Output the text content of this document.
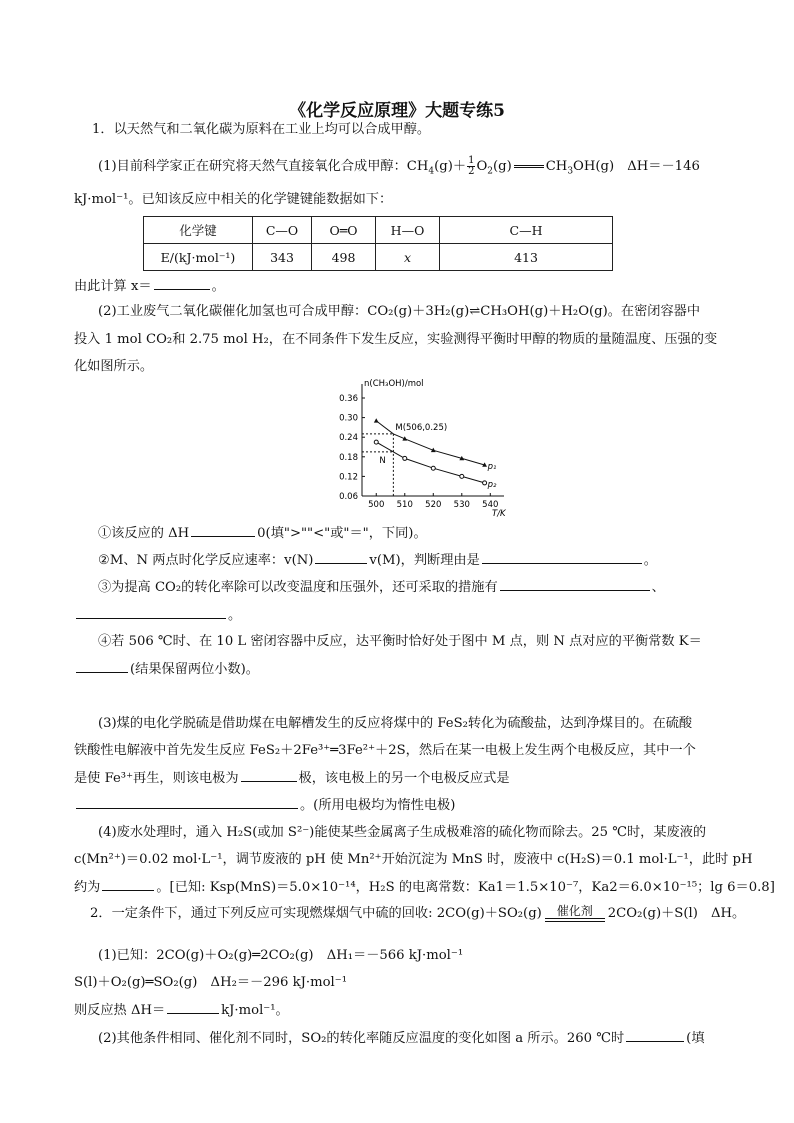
《化学反应原理》大题专练5
1．以天然气和二氧化碳为原料在工业上均可以合成甲醇。
(1)目前科学家正在研究将天然气直接氧化合成甲醇：$CH_4(g)+ \frac{1}{2} O_2(g)$	$CH_3OH(g)$　ΔH＝－146
kJ·mol⁻¹。已知该反应中相关的化学键键能数据如下：
化学键	C—O	O═O	H—O	C—H
E/(kJ·mol⁻¹)	343	498	x	413
由此计算 x＝	。
(2)工业废气二氧化碳催化加氢也可合成甲醇：CO₂(g)＋3H₂(g)⇌CH₃OH(g)＋H₂O(g)。在密闭容器中
投入 1 mol CO₂和 2.75 mol H₂，在不同条件下发生反应，实验测得平衡时甲醇的物质的量随温度、压强的变
化如图所示。
n(CH₃OH)/mol
T/K
0.06
0.12
0.18
0.24
0.30
0.36
500 510 520 530 540
p₁
p₂
M(506,0.25)
N
①该反应的 ΔH	0(填">""<"或"＝"，下同)。
②M、N 两点时化学反应速率：v(N)	v(M)，判断理由是	。
③为提高 CO₂的转化率除可以改变温度和压强外，还可采取的措施有	、
。
④若 506 ℃时、在 10 L 密闭容器中反应，达平衡时恰好处于图中 M 点，则 N 点对应的平衡常数 K＝
(结果保留两位小数)。
(3)煤的电化学脱硫是借助煤在电解槽发生的反应将煤中的 FeS₂转化为硫酸盐，达到净煤目的。在硫酸
铁酸性电解液中首先发生反应 FeS₂＋2Fe³⁺═3Fe²⁺＋2S，然后在某一电极上发生两个电极反应，其中一个
是使 Fe³⁺再生，则该电极为	极，该电极上的另一个电极反应式是
。(所用电极均为惰性电极)
(4)废水处理时，通入 H₂S(或加 S²⁻)能使某些金属离子生成极难溶的硫化物而除去。25 ℃时，某废液的
c(Mn²⁺)＝0.02 mol·L⁻¹，调节废液的 pH 使 Mn²⁺开始沉淀为 MnS 时，废液中 c(H₂S)＝0.1 mol·L⁻¹，此时 pH
约为	。[已知: Ksp(MnS)＝5.0×10⁻¹⁴，H₂S 的电离常数：Ka1＝1.5×10⁻⁷，Ka2＝6.0×10⁻¹⁵；lg 6＝0.8]
2．一定条件下，通过下列反应可实现燃煤烟气中硫的回收: 2CO(g)＋SO₂(g)	催化剂	2CO₂(g)＋S(l)　ΔH。
(1)已知：2CO(g)＋O₂(g)═2CO₂(g)　ΔH₁＝－566 kJ·mol⁻¹
S(l)＋O₂(g)═SO₂(g)　ΔH₂＝－296 kJ·mol⁻¹
则反应热 ΔH＝	kJ·mol⁻¹。
(2)其他条件相同、催化剂不同时，SO₂的转化率随反应温度的变化如图 a 所示。260 ℃时	(填
